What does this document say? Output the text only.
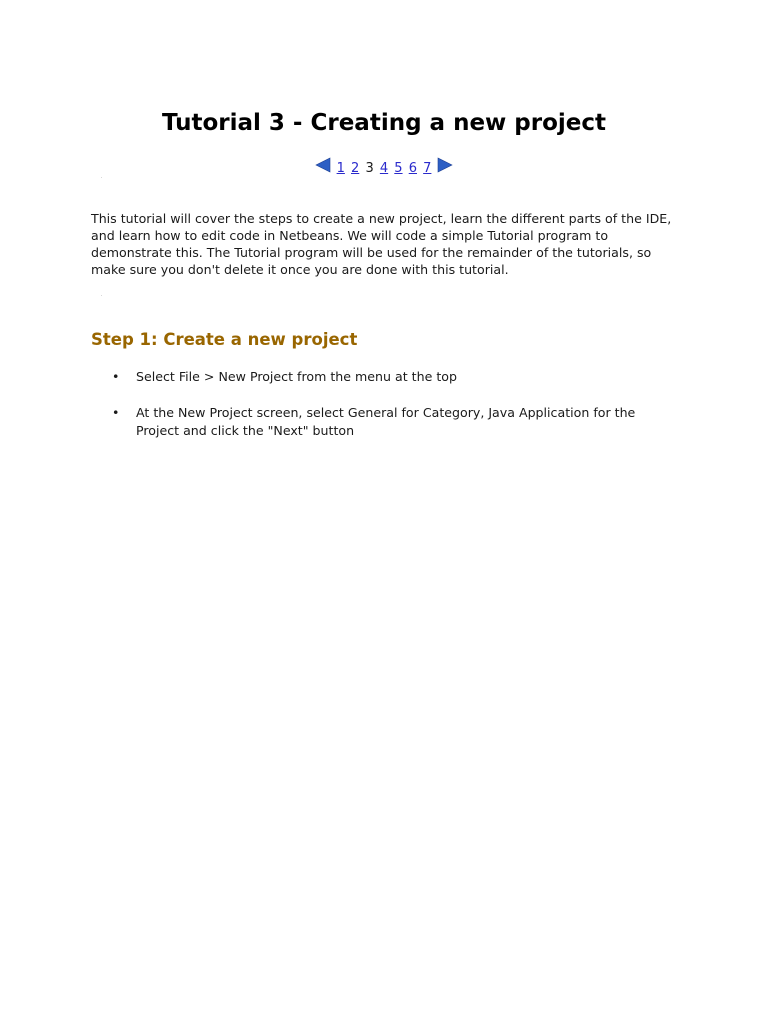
Tutorial 3 - Creating a new project
1 2 3 4 5 6 7

This tutorial will cover the steps to create a new project, learn the different parts of the IDE, and learn how to edit code in Netbeans. We will code a simple Tutorial program to demonstrate this. The Tutorial program will be used for the remainder of the tutorials, so make sure you don't delete it once you are done with this tutorial.

Step 1: Create a new project
• Select File > New Project from the menu at the top
• At the New Project screen, select General for Category, Java Application for the Project and click the "Next" button
